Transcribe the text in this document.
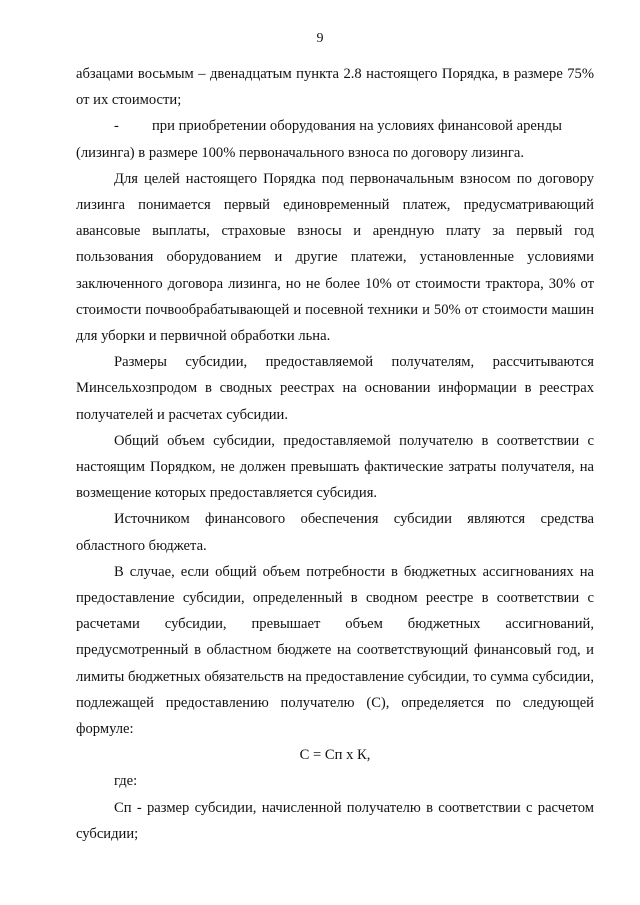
9

абзацами восьмым – двенадцатым пункта 2.8 настоящего Порядка, в размере 75% от их стоимости;

-	при приобретении оборудования на условиях финансовой аренды

(лизинга) в размере 100% первоначального взноса по договору лизинга.

Для целей настоящего Порядка под первоначальным взносом по договору лизинга понимается первый единовременный платеж, предусматривающий авансовые выплаты, страховые взносы и арендную плату за первый год пользования оборудованием и другие платежи, установленные условиями заключенного договора лизинга, но не более 10% от стоимости трактора, 30% от стоимости почвообрабатывающей и посевной техники и 50% от стоимости машин для уборки и первичной обработки льна.

Размеры субсидии, предоставляемой получателям, рассчитываются Минсельхозпродом в сводных реестрах на основании информации в реестрах получателей и расчетах субсидии.

Общий объем субсидии, предоставляемой получателю в соответствии с настоящим Порядком, не должен превышать фактические затраты получателя, на возмещение которых предоставляется субсидия.

Источником финансового обеспечения субсидии являются средства областного бюджета.

В случае, если общий объем потребности в бюджетных ассигнованиях на предоставление субсидии, определенный в сводном реестре в соответствии с расчетами субсидии, превышает объем бюджетных ассигнований, предусмотренный в областном бюджете на соответствующий финансовый год, и лимиты бюджетных обязательств на предоставление субсидии, то сумма субсидии, подлежащей предоставлению получателю (С), определяется по следующей формуле:

С = Сп х К,

где:

Сп - размер субсидии, начисленной получателю в соответствии с расчетом субсидии;
